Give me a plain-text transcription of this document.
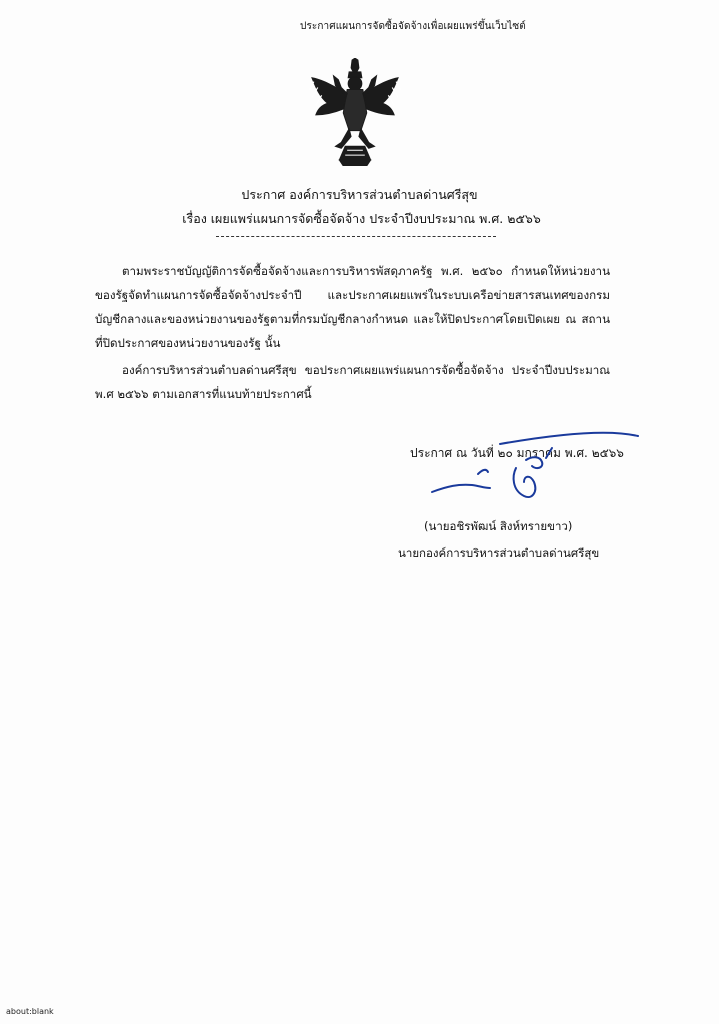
ประกาศแผนการจัดซื้อจัดจ้างเพื่อเผยแพร่ขึ้นเว็บไซต์
ประกาศ องค์การบริหารส่วนตำบลด่านศรีสุข
เรื่อง เผยแพร่แผนการจัดซื้อจัดจ้าง ประจำปีงบประมาณ พ.ศ. ๒๕๖๖
ตามพระราชบัญญัติการจัดซื้อจัดจ้างและการบริหารพัสดุภาครัฐ พ.ศ. ๒๕๖๐ กำหนดให้หน่วยงานของรัฐจัดทำแผนการจัดซื้อจัดจ้างประจำปี และประกาศเผยแพร่ในระบบเครือข่ายสารสนเทศของกรมบัญชีกลางและของหน่วยงานของรัฐตามที่กรมบัญชีกลางกำหนด และให้ปิดประกาศโดยเปิดเผย ณ สถานที่ปิดประกาศของหน่วยงานของรัฐ นั้น
องค์การบริหารส่วนตำบลด่านศรีสุข ขอประกาศเผยแพร่แผนการจัดซื้อจัดจ้าง ประจำปีงบประมาณ พ.ศ ๒๕๖๖ ตามเอกสารที่แนบท้ายประกาศนี้
ประกาศ ณ วันที่ ๒๐ มกราคม พ.ศ. ๒๕๖๖
(นายอชิรพัฒน์ สิงห์ทรายขาว)
นายกองค์การบริหารส่วนตำบลด่านศรีสุข
about:blank
